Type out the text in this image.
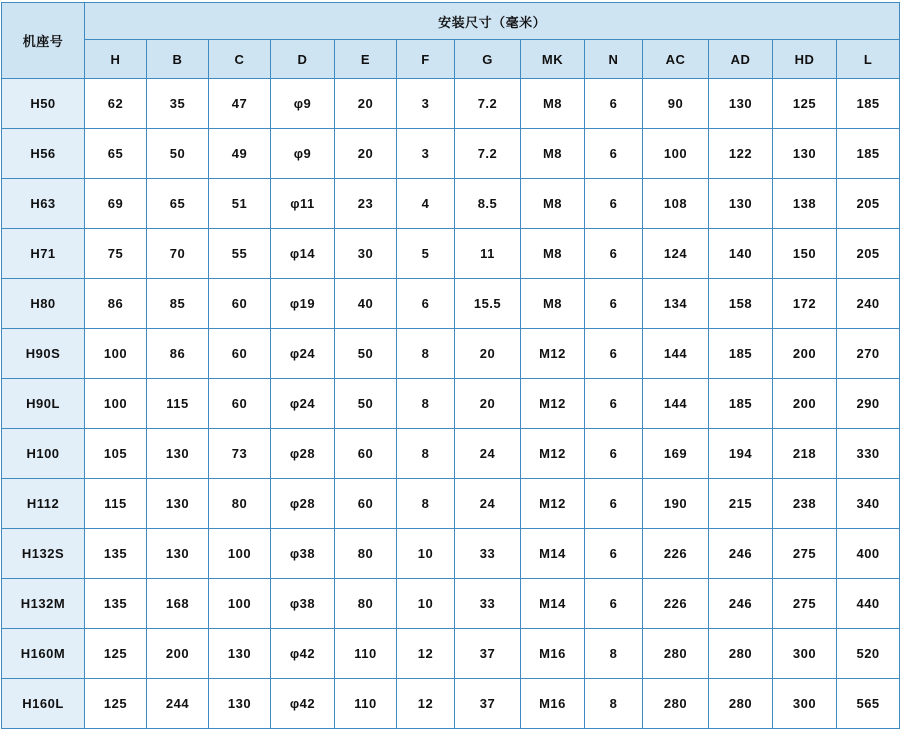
机座号	安装尺寸（毫米）												
	H	B	C	D	E	F	G	MK	N	AC	AD	HD	L
H50	62	35	47	φ9	20	3	7.2	M8	6	90	130	125	185
H56	65	50	49	φ9	20	3	7.2	M8	6	100	122	130	185
H63	69	65	51	φ11	23	4	8.5	M8	6	108	130	138	205
H71	75	70	55	φ14	30	5	11	M8	6	124	140	150	205
H80	86	85	60	φ19	40	6	15.5	M8	6	134	158	172	240
H90S	100	86	60	φ24	50	8	20	M12	6	144	185	200	270
H90L	100	115	60	φ24	50	8	20	M12	6	144	185	200	290
H100	105	130	73	φ28	60	8	24	M12	6	169	194	218	330
H112	115	130	80	φ28	60	8	24	M12	6	190	215	238	340
H132S	135	130	100	φ38	80	10	33	M14	6	226	246	275	400
H132M	135	168	100	φ38	80	10	33	M14	6	226	246	275	440
H160M	125	200	130	φ42	110	12	37	M16	8	280	280	300	520
H160L	125	244	130	φ42	110	12	37	M16	8	280	280	300	565
